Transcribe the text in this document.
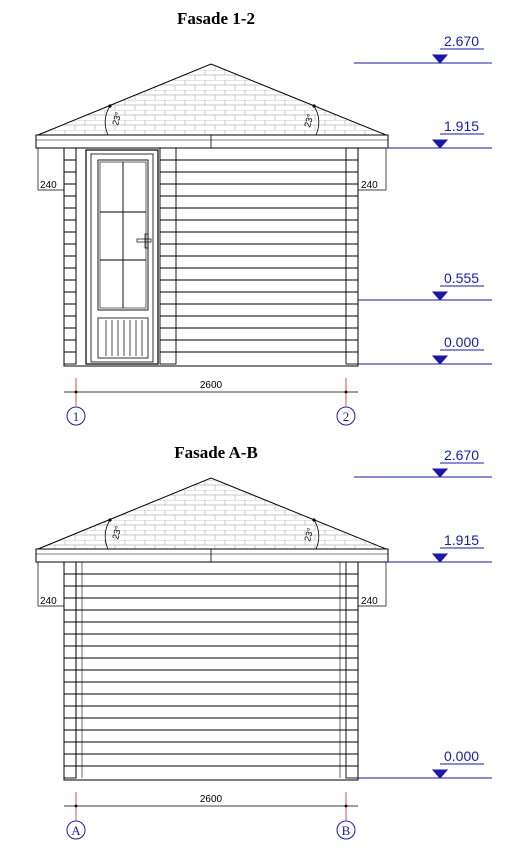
Fasade 1-2
23°	23°
240	240
2.670
1.915
0.555
0.000
2600
1	2
Fasade A-B
23°	23°
240	240
2.670
1.915
0.000
2600
A	B
